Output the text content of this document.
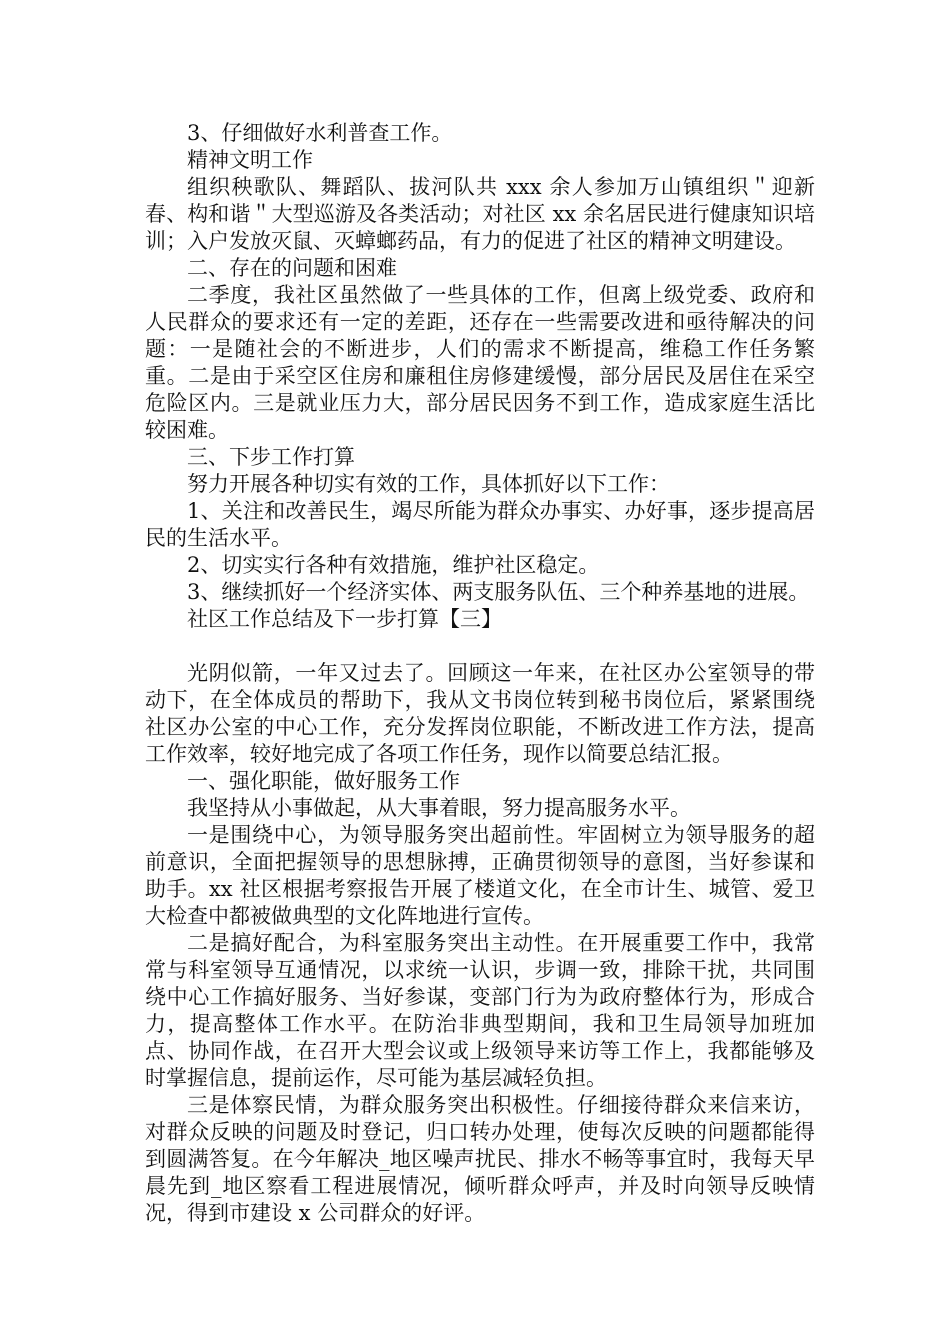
3、仔细做好水利普查工作。

精神文明工作

组织秧歌队、舞蹈队、拔河队共 xxx 余人参加万山镇组织＂迎新春、构和谐＂大型巡游及各类活动；对社区 xx 余名居民进行健康知识培训；入户发放灭鼠、灭蟑螂药品，有力的促进了社区的精神文明建设。

二、存在的问题和困难

二季度，我社区虽然做了一些具体的工作，但离上级党委、政府和人民群众的要求还有一定的差距，还存在一些需要改进和亟待解决的问题：一是随社会的不断进步，人们的需求不断提高，维稳工作任务繁重。二是由于采空区住房和廉租住房修建缓慢，部分居民及居住在采空危险区内。三是就业压力大，部分居民因务不到工作，造成家庭生活比较困难。

三、下步工作打算

努力开展各种切实有效的工作，具体抓好以下工作：

1、关注和改善民生，竭尽所能为群众办事实、办好事，逐步提高居民的生活水平。

2、切实实行各种有效措施，维护社区稳定。

3、继续抓好一个经济实体、两支服务队伍、三个种养基地的进展。

社区工作总结及下一步打算【三】

光阴似箭，一年又过去了。回顾这一年来，在社区办公室领导的带动下，在全体成员的帮助下，我从文书岗位转到秘书岗位后，紧紧围绕社区办公室的中心工作，充分发挥岗位职能，不断改进工作方法，提高工作效率，较好地完成了各项工作任务，现作以简要总结汇报。

一、强化职能，做好服务工作

我坚持从小事做起，从大事着眼，努力提高服务水平。

一是围绕中心，为领导服务突出超前性。牢固树立为领导服务的超前意识，全面把握领导的思想脉搏，正确贯彻领导的意图，当好参谋和助手。xx 社区根据考察报告开展了楼道文化，在全市计生、城管、爱卫大检查中都被做典型的文化阵地进行宣传。

二是搞好配合，为科室服务突出主动性。在开展重要工作中，我常常与科室领导互通情况，以求统一认识，步调一致，排除干扰，共同围绕中心工作搞好服务、当好参谋，变部门行为为政府整体行为，形成合力，提高整体工作水平。在防治非典型期间，我和卫生局领导加班加点、协同作战，在召开大型会议或上级领导来访等工作上，我都能够及时掌握信息，提前运作，尽可能为基层减轻负担。

三是体察民情，为群众服务突出积极性。仔细接待群众来信来访，对群众反映的问题及时登记，归口转办处理，使每次反映的问题都能得到圆满答复。在今年解决_地区噪声扰民、排水不畅等事宜时，我每天早晨先到_地区察看工程进展情况，倾听群众呼声，并及时向领导反映情况，得到市建设 x 公司群众的好评。
